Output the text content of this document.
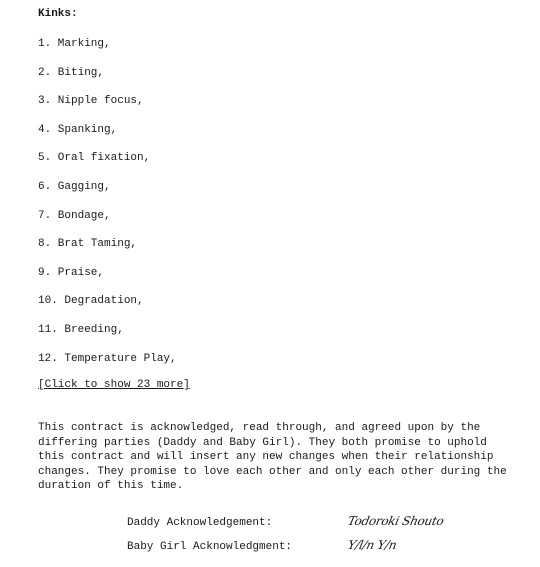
Kinks:
1. Marking,
2. Biting,
3. Nipple focus,
4. Spanking,
5. Oral fixation,
6. Gagging,
7. Bondage,
8. Brat Taming,
9. Praise,
10. Degradation,
11. Breeding,
12. Temperature Play,
[Click to show 23 more]

This contract is acknowledged, read through, and agreed upon by the differing parties (Daddy and Baby Girl). They both promise to uphold this contract and will insert any new changes when their relationship changes. They promise to love each other and only each other during the duration of this time.

Daddy Acknowledgement:	Todoroki Shouto
Baby Girl Acknowledgment:	Y/l/n Y/n
